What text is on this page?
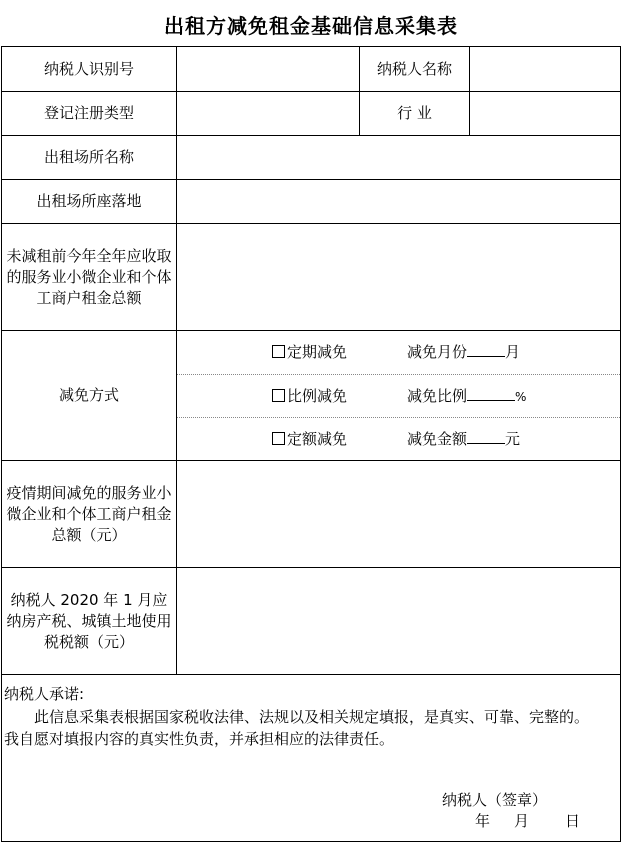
出租方减免租金基础信息采集表
纳税人识别号	纳税人名称
登记注册类型	行 业
出租场所名称
出租场所座落地
未减租前今年全年应收取的服务业小微企业和个体工商户租金总额
减免方式
定期减免	减免月份	月
比例减免	减免比例	%
定额减免	减免金额	元
疫情期间减免的服务业小微企业和个体工商户租金总额（元）
纳税人 2020 年 1 月应纳房产税、城镇土地使用税税额（元）
纳税人承诺:
此信息采集表根据国家税收法律、法规以及相关规定填报，是真实、可靠、完整的。
我自愿对填报内容的真实性负责，并承担相应的法律责任。
纳税人（签章）
年 月 日
